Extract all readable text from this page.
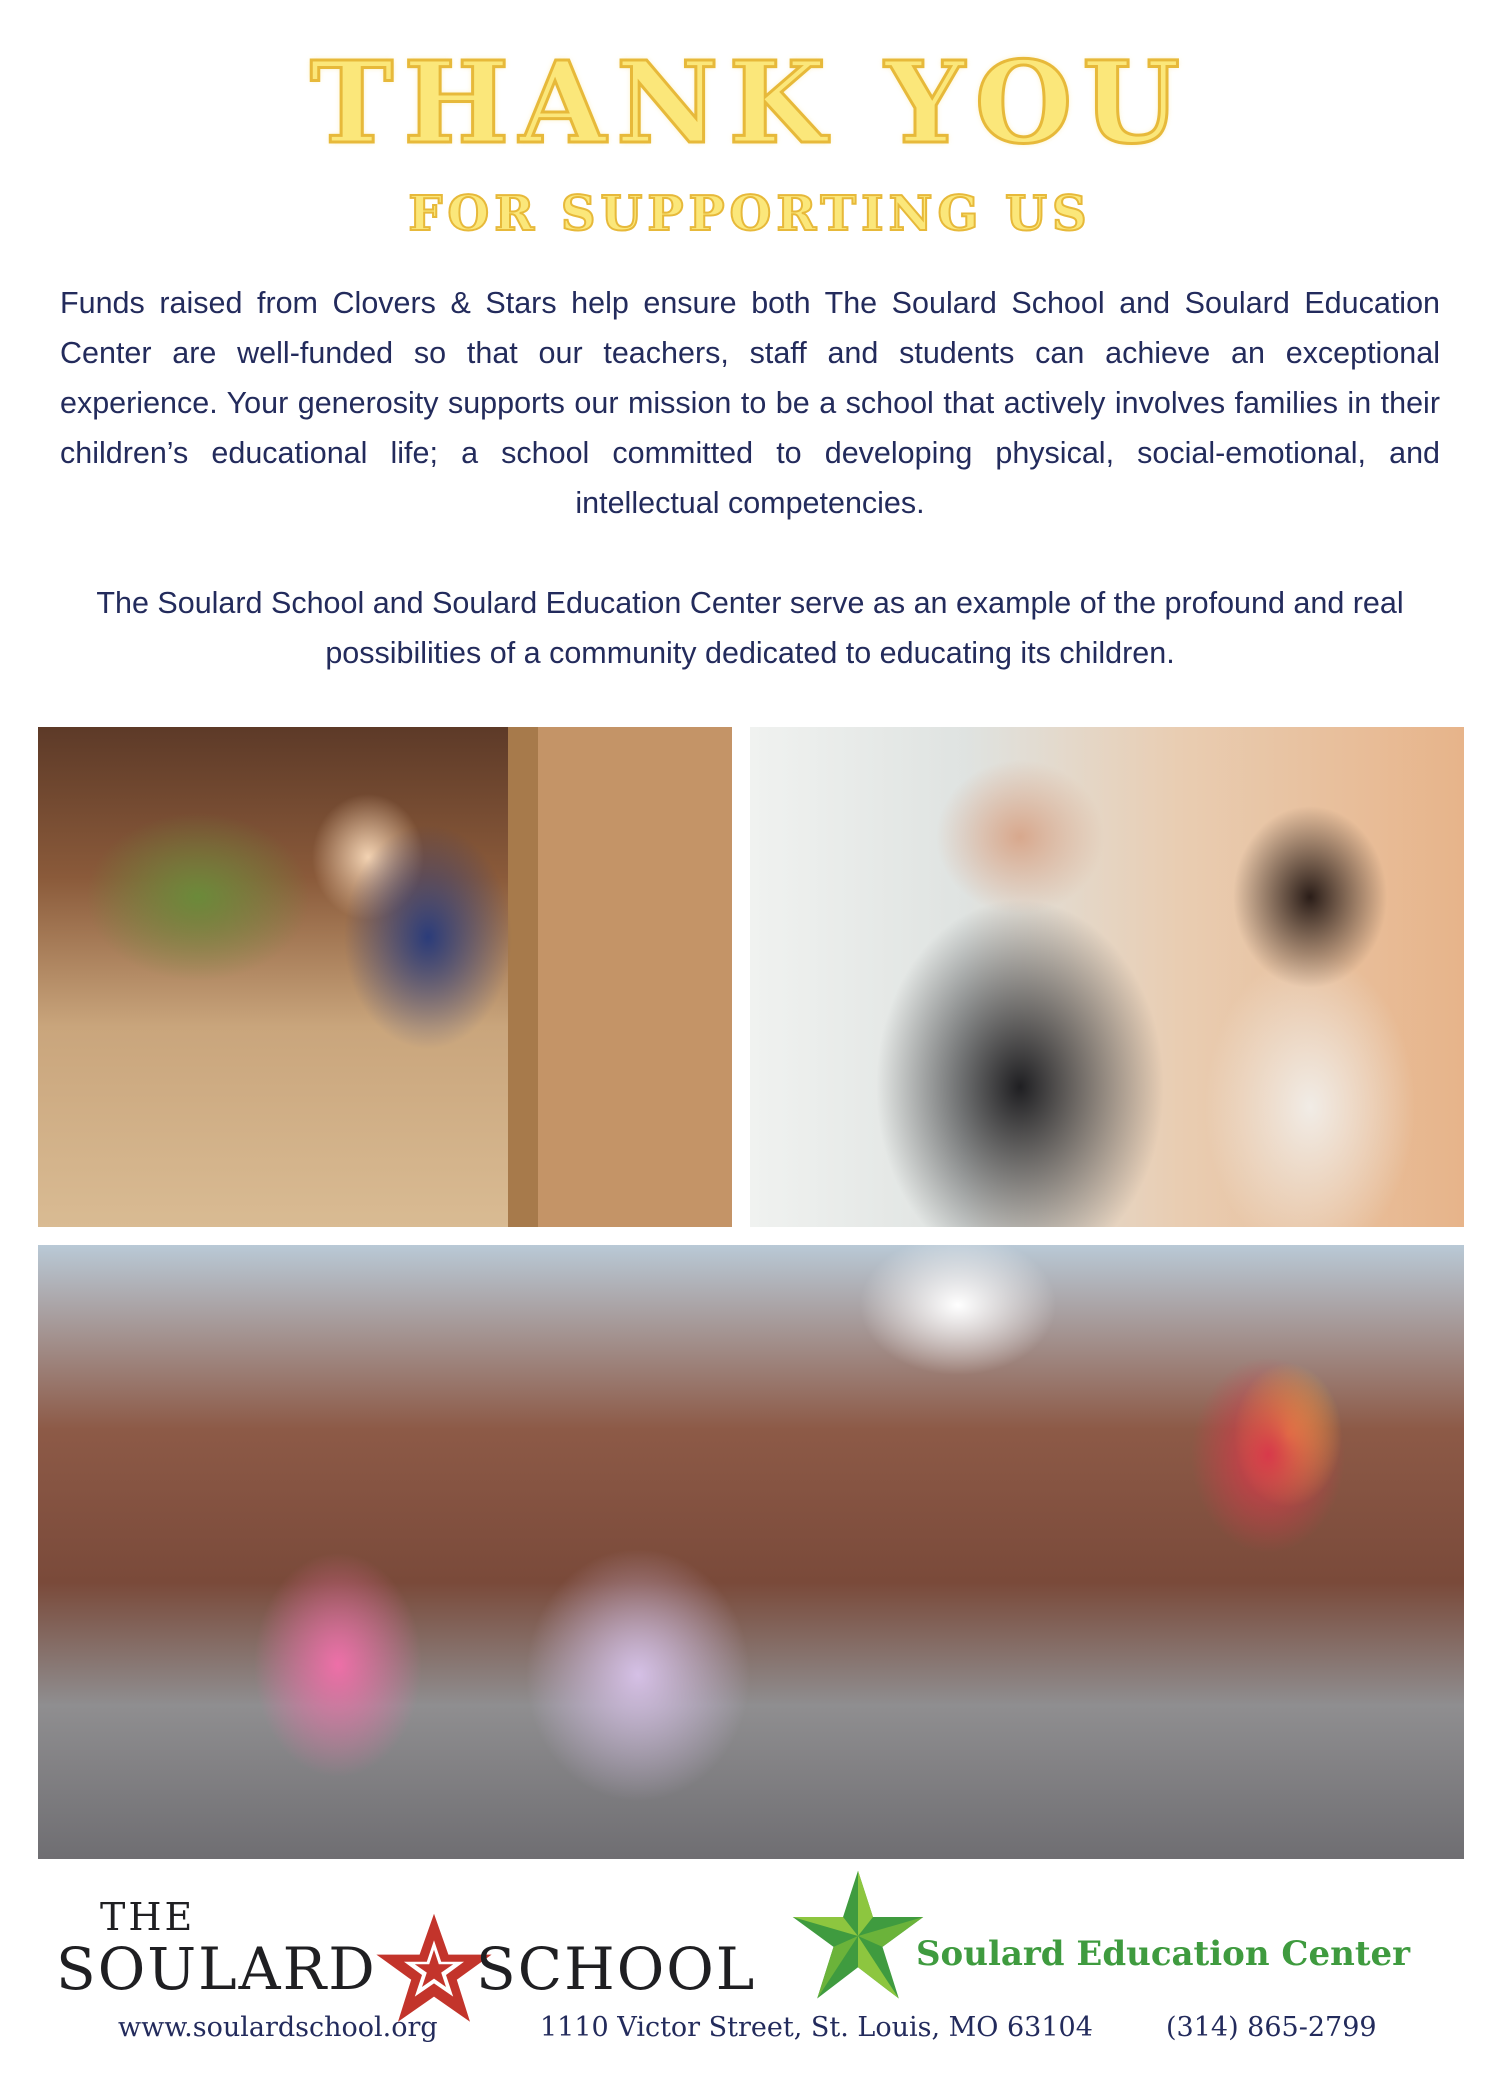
THANK YOU
FOR SUPPORTING US
Funds raised from Clovers & Stars help ensure both The Soulard School and Soulard Education Center are well-funded so that our teachers, staff and students can achieve an exceptional experience. Your generosity supports our mission to be a school that actively involves families in their children’s educational life; a school committed to developing physical, social-emotional, and intellectual competencies.
The Soulard School and Soulard Education Center serve as an example of the profound and real possibilities of a community dedicated to educating its children.
THE
SOULARD SCHOOL	Soulard Education Center
www.soulardschool.org	1110 Victor Street, St. Louis, MO 63104	(314) 865-2799
